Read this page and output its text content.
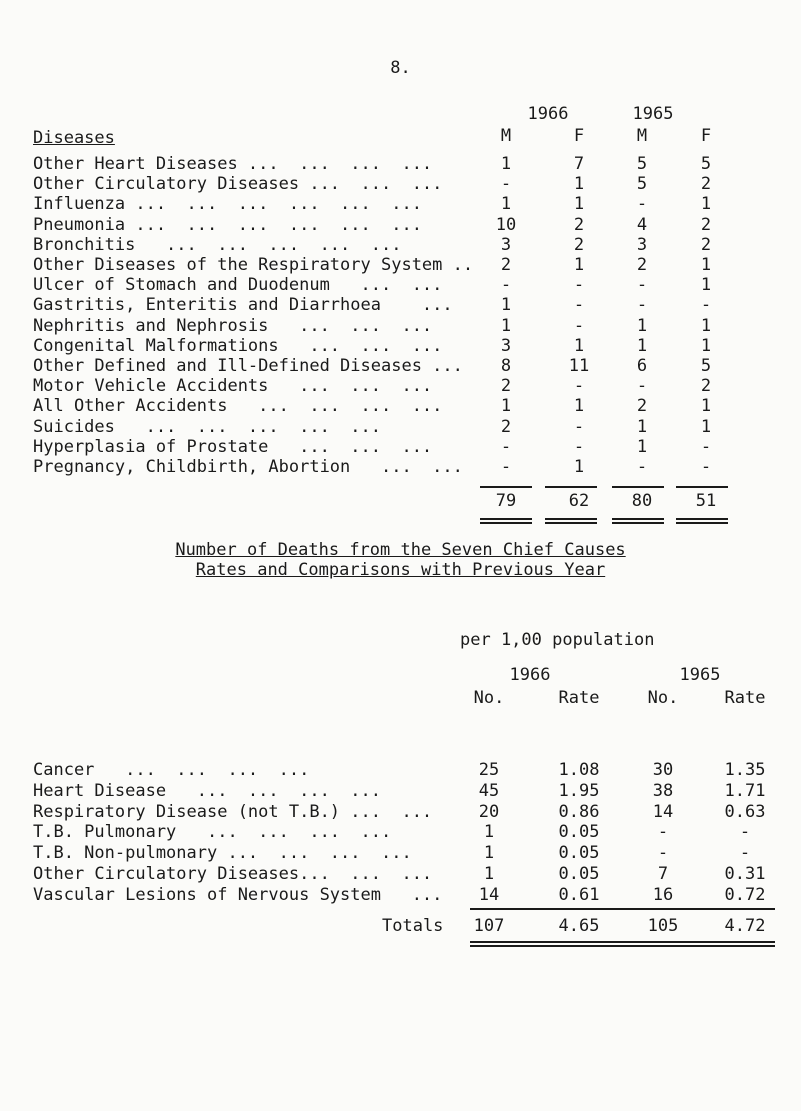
8.
Diseases
1966	1965
M	F	M	F
Other Heart Diseases ...  ...  ...  ...	1	7	5	5
Other Circulatory Diseases ...  ...  ...	-	1	5	2
Influenza ...  ...  ...  ...  ...  ...	1	1	-	1
Pneumonia ...  ...  ...  ...  ...  ...	10	2	4	2
Bronchitis   ...  ...  ...  ...  ...	3	2	3	2
Other Diseases of the Respiratory System ..	2	1	2	1
Ulcer of Stomach and Duodenum   ...  ...	-	-	-	1
Gastritis, Enteritis and Diarrhoea    ...	1	-	-	-
Nephritis and Nephrosis   ...  ...  ...	1	-	1	1
Congenital Malformations   ...  ...  ...	3	1	1	1
Other Defined and Ill-Defined Diseases ...	8	11	6	5
Motor Vehicle Accidents   ...  ...  ...	2	-	-	2
All Other Accidents   ...  ...  ...  ...	1	1	2	1
Suicides   ...  ...  ...  ...  ...	2	-	1	1
Hyperplasia of Prostate   ...  ...  ...	-	-	1	-
Pregnancy, Childbirth, Abortion   ...  ...	-	1	-	-
79	62	80	51
Number of Deaths from the Seven Chief Causes
Rates and Comparisons with Previous Year
per 1,00 population
1966	1965
No.	Rate	No.	Rate
Cancer   ...  ...  ...  ...	25	1.08	30	1.35
Heart Disease   ...  ...  ...  ...	45	1.95	38	1.71
Respiratory Disease (not T.B.) ...  ...	20	0.86	14	0.63
T.B. Pulmonary   ...  ...  ...  ...	1	0.05	-	-
T.B. Non-pulmonary ...  ...  ...  ...	1	0.05	-	-
Other Circulatory Diseases...  ...  ...	1	0.05	7	0.31
Vascular Lesions of Nervous System   ...	14	0.61	16	0.72
Totals 107	4.65	105	4.72
